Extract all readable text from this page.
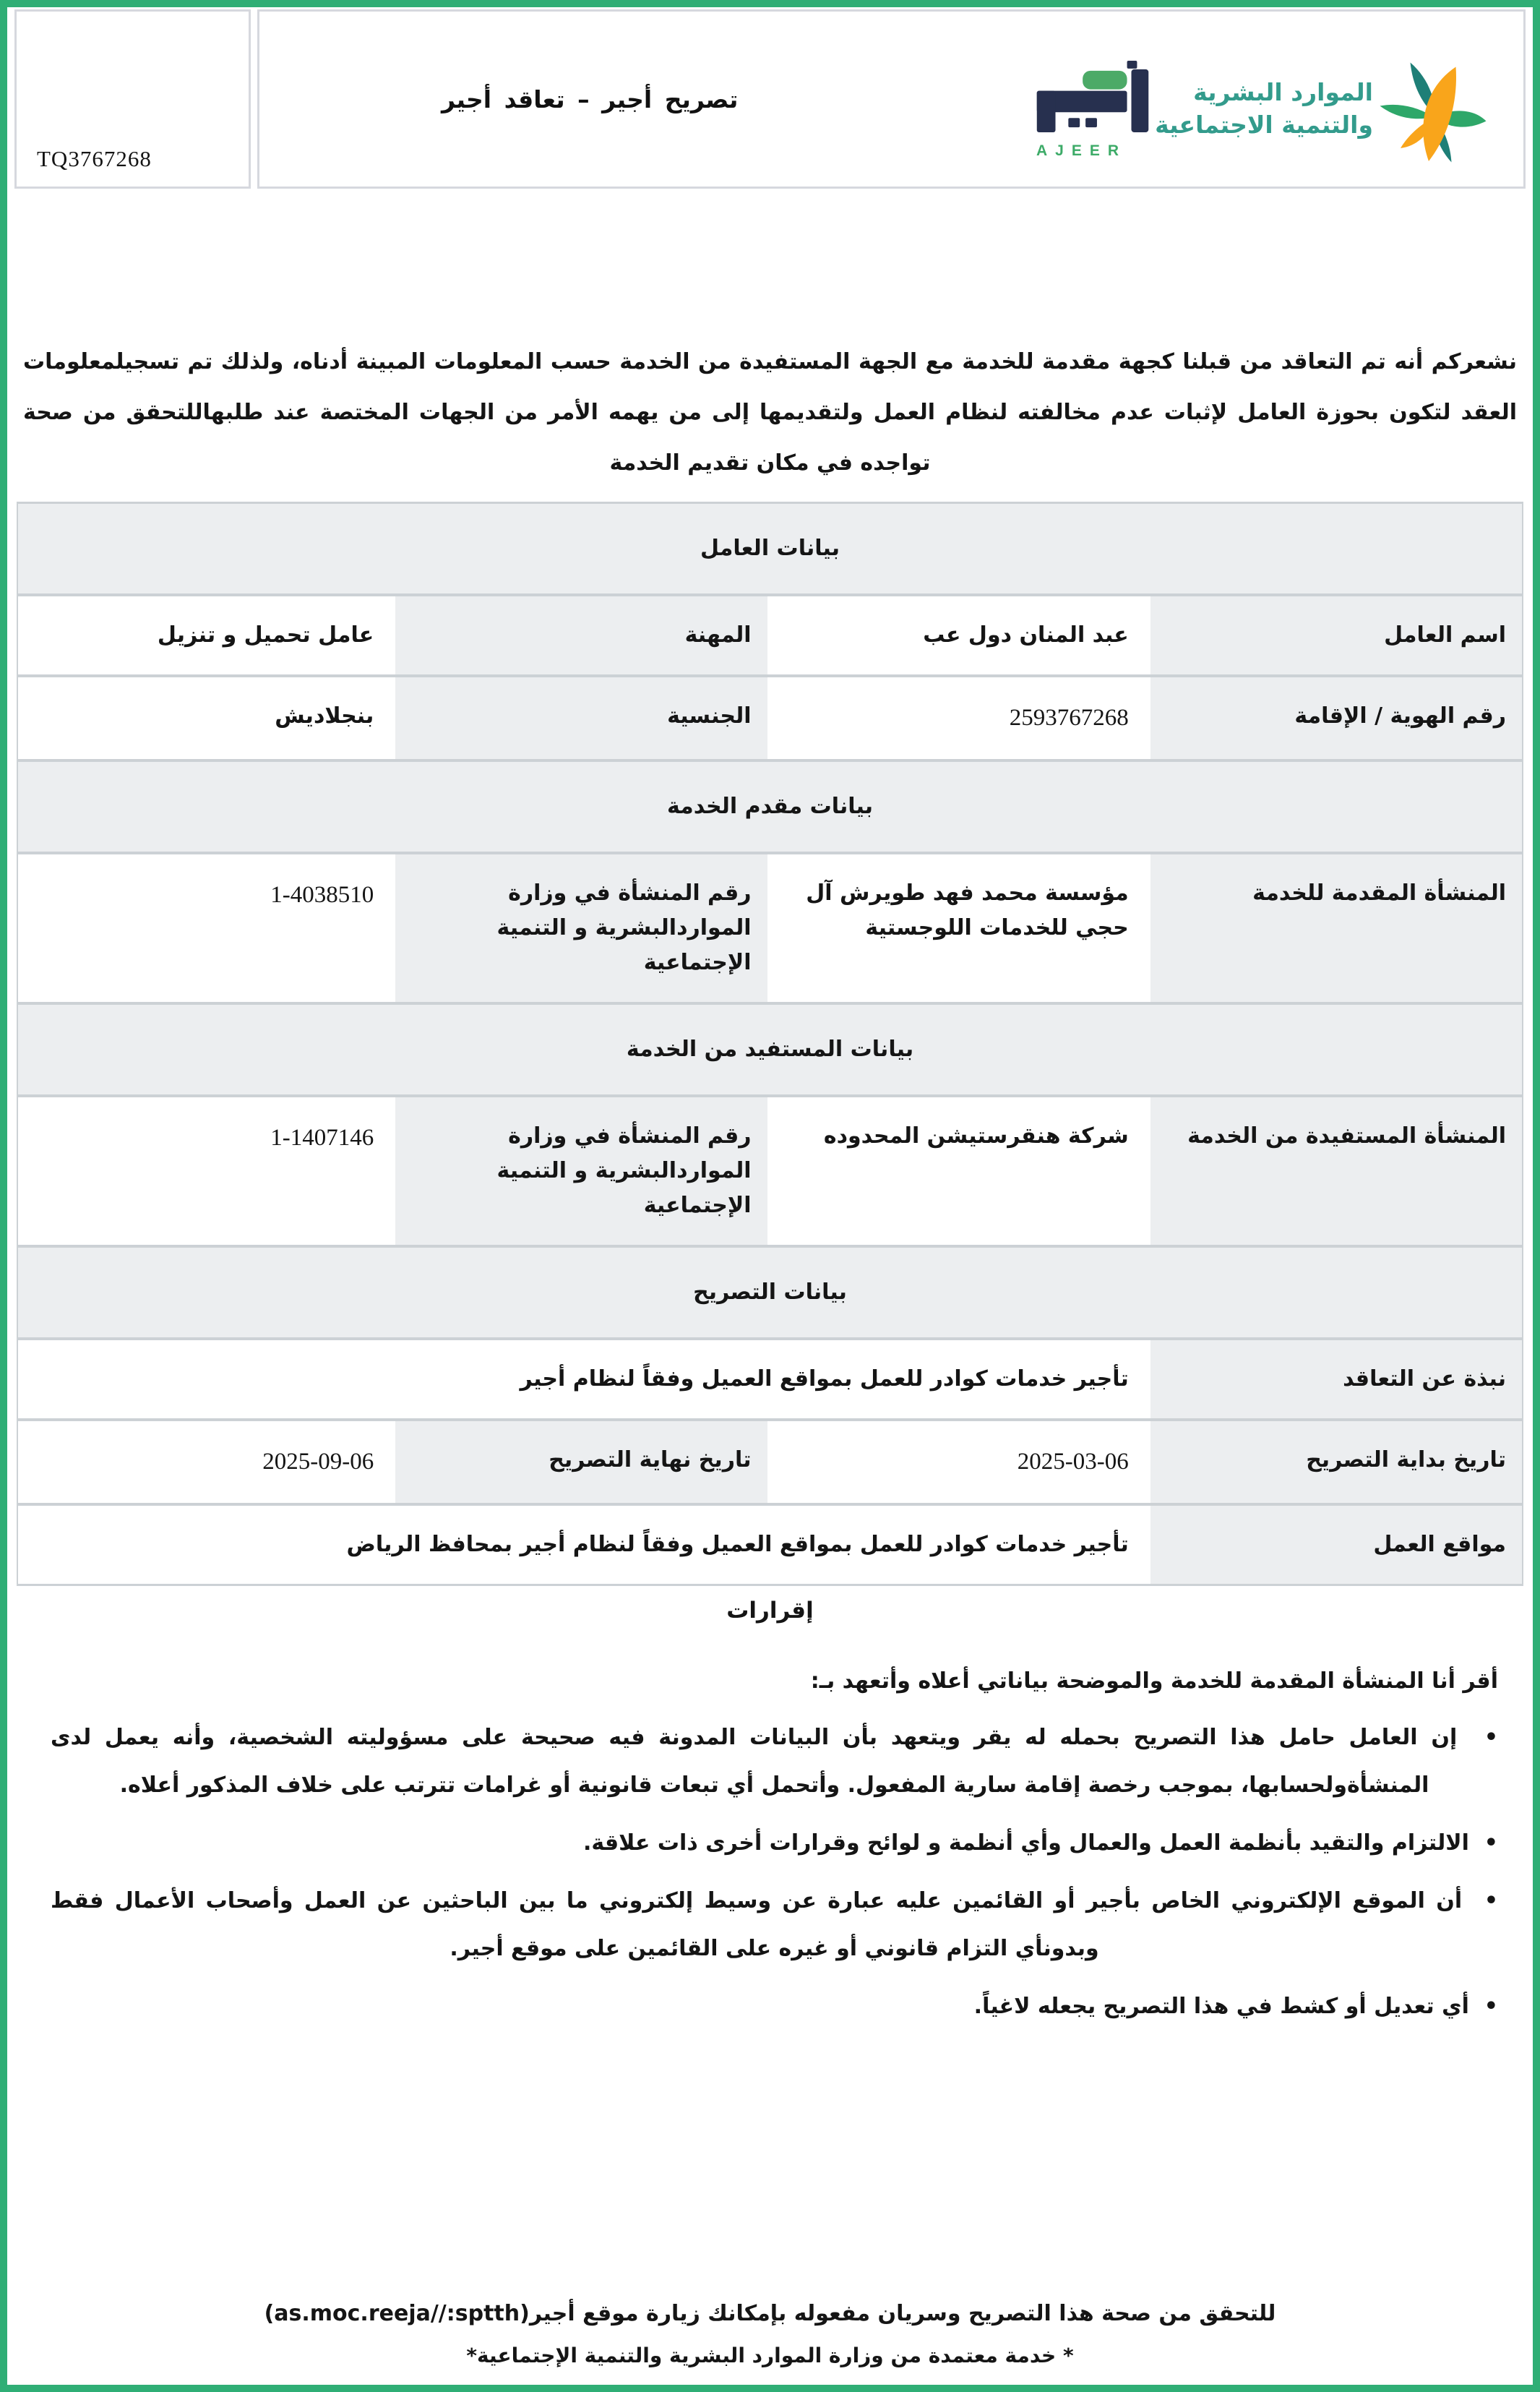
TQ3767268
تصريح أجير – تعاقد أجير
AJEER
الموارد البشرية
والتنمية الاجتماعية
نشعركم أنه تم التعاقد من قبلنا كجهة مقدمة للخدمة مع الجهة المستفيدة من الخدمة حسب المعلومات المبينة أدناه، ولذلك تم تسجيلمعلومات العقد لتكون بحوزة العامل لإثبات عدم مخالفته لنظام العمل ولتقديمها إلى من يهمه الأمر من الجهات المختصة عند طلبهاللتحقق من صحة تواجده في مكان تقديم الخدمة
بيانات العامل
اسم العامل
عبد المنان دول عب
المهنة
عامل تحميل و تنزيل
رقم الهوية / الإقامة
2593767268
الجنسية
بنجلاديش
بيانات مقدم الخدمة
المنشأة المقدمة للخدمة
مؤسسة محمد فهد طويرش آل حجي للخدمات اللوجستية
رقم المنشأة في وزارة المواردالبشرية و التنمية الإجتماعية
1-4038510
بيانات المستفيد من الخدمة
المنشأة المستفيدة من الخدمة
شركة هنقرستيشن المحدوده
رقم المنشأة في وزارة المواردالبشرية و التنمية الإجتماعية
1-1407146
بيانات التصريح
نبذة عن التعاقد
تأجير خدمات كوادر للعمل بمواقع العميل وفقاً لنظام أجير
تاريخ بداية التصريح
2025-03-06
تاريخ نهاية التصريح
2025-09-06
مواقع العمل
تأجير خدمات كوادر للعمل بمواقع العميل وفقاً لنظام أجير بمحافظ الرياض
إقرارات

أقر أنا المنشأة المقدمة للخدمة والموضحة بياناتي أعلاه وأتعهد بـ:

•  إن العامل حامل هذا التصريح بحمله له يقر ويتعهد بأن البيانات المدونة فيه صحيحة على مسؤوليته الشخصية، وأنه يعمل لدى المنشأةولحسابها، بموجب رخصة إقامة سارية المفعول. وأتحمل أي تبعات قانونية أو غرامات تترتب على خلاف المذكور أعلاه.
•  الالتزام والتقيد بأنظمة العمل والعمال وأي أنظمة و لوائح وقرارات أخرى ذات علاقة.
•  أن الموقع الإلكتروني الخاص بأجير أو القائمين عليه عبارة عن وسيط إلكتروني ما بين الباحثين عن العمل وأصحاب الأعمال فقط وبدونأي التزام قانوني أو غيره على القائمين على موقع أجير.
•  أي تعديل أو كشط في هذا التصريح يجعله لاغياً.
للتحقق من صحة هذا التصريح وسريان مفعوله بإمكانك زيارة موقع أجير(as.moc.reeja//:sptth)
* خدمة معتمدة من وزارة الموارد البشرية والتنمية الإجتماعية*
